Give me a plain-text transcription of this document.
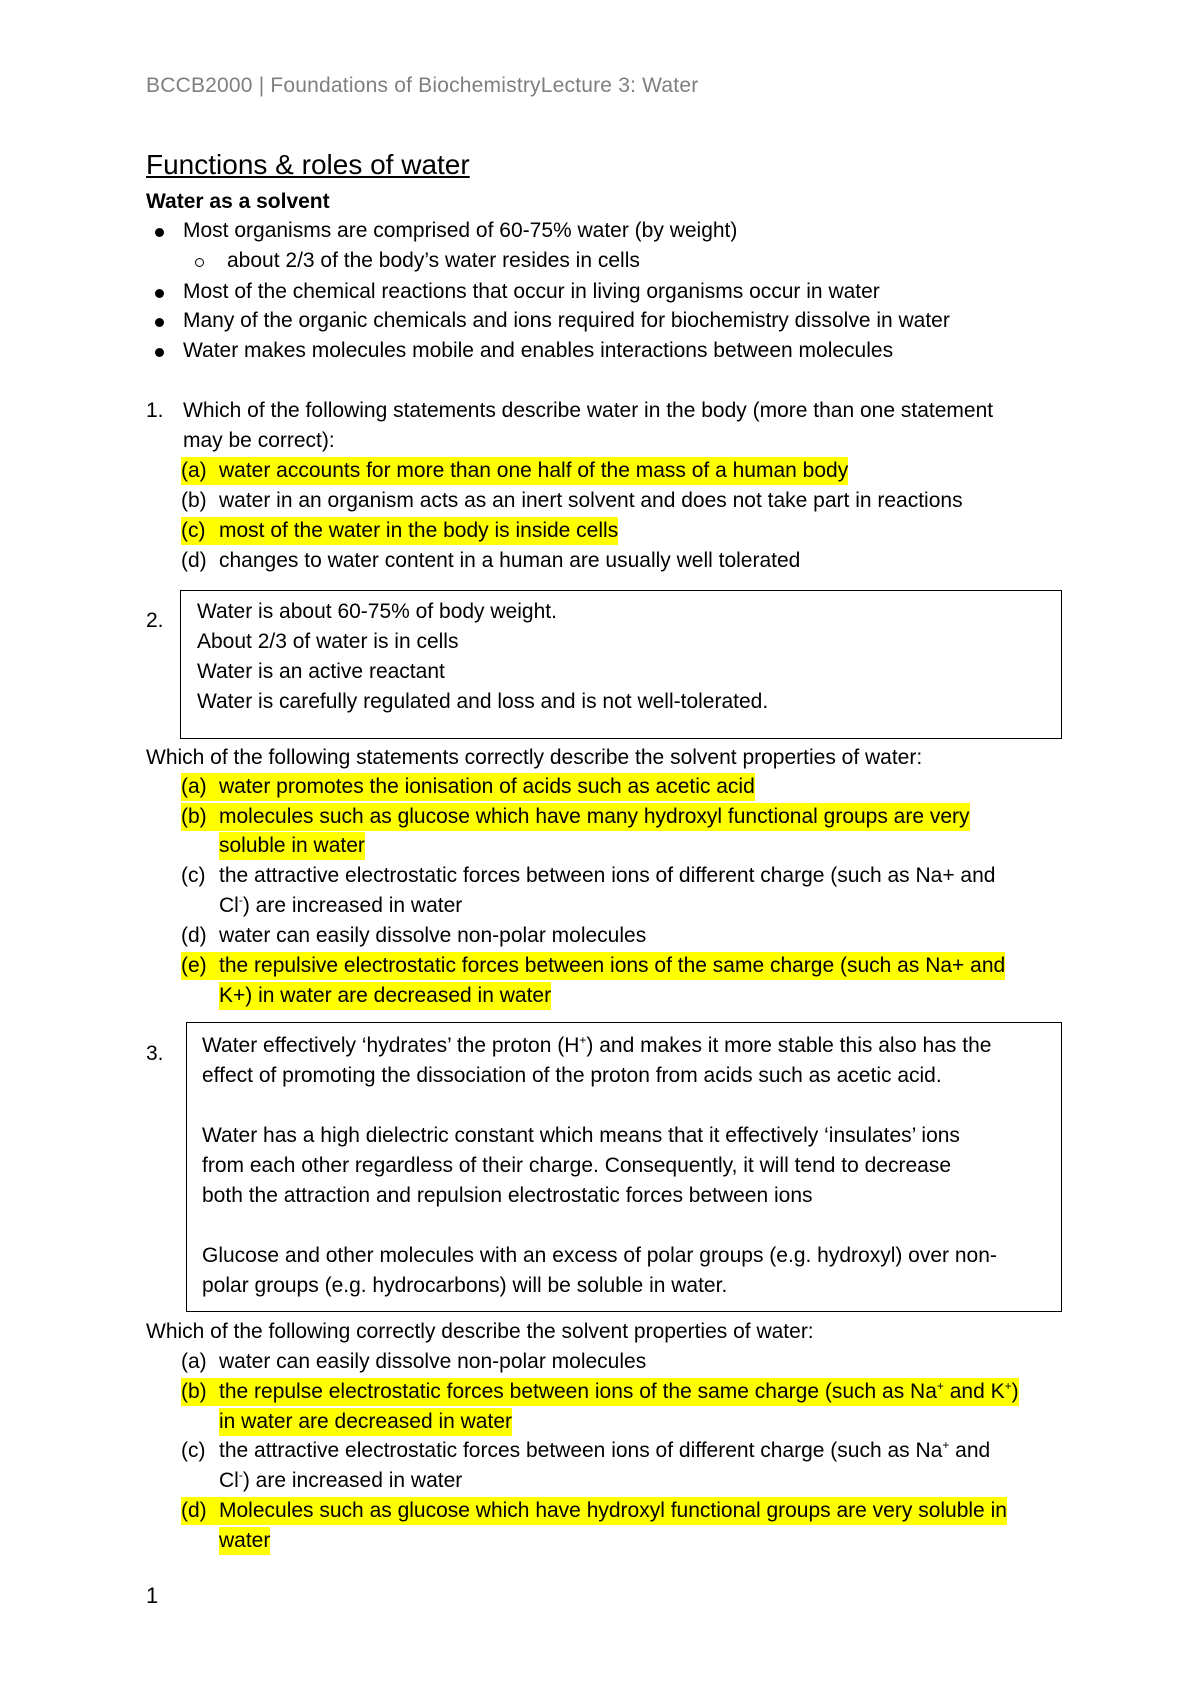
BCCB2000 | Foundations of BiochemistryLecture 3: Water
Functions & roles of water
Water as a solvent
Most organisms are comprised of 60-75% water (by weight)
about 2/3 of the body’s water resides in cells
Most of the chemical reactions that occur in living organisms occur in water
Many of the organic chemicals and ions required for biochemistry dissolve in water
Water makes molecules mobile and enables interactions between molecules
1. Which of the following statements describe water in the body (more than one statement
may be correct):
(a) water accounts for more than one half of the mass of a human body
(b) water in an organism acts as an inert solvent and does not take part in reactions
(c) most of the water in the body is inside cells
(d) changes to water content in a human are usually well tolerated
2. Water is about 60-75% of body weight.
About 2/3 of water is in cells
Water is an active reactant
Water is carefully regulated and loss and is not well-tolerated.
Which of the following statements correctly describe the solvent properties of water:
(a) water promotes the ionisation of acids such as acetic acid
(b) molecules such as glucose which have many hydroxyl functional groups are very
soluble in water
(c) the attractive electrostatic forces between ions of different charge (such as Na+ and
Cl-) are increased in water
(d) water can easily dissolve non-polar molecules
(e) the repulsive electrostatic forces between ions of the same charge (such as Na+ and
K+) in water are decreased in water
3. Water effectively ‘hydrates’ the proton (H+) and makes it more stable this also has the
effect of promoting the dissociation of the proton from acids such as acetic acid.
Water has a high dielectric constant which means that it effectively ‘insulates’ ions
from each other regardless of their charge. Consequently, it will tend to decrease
both the attraction and repulsion electrostatic forces between ions
Glucose and other molecules with an excess of polar groups (e.g. hydroxyl) over non-
polar groups (e.g. hydrocarbons) will be soluble in water.
Which of the following correctly describe the solvent properties of water:
(a) water can easily dissolve non-polar molecules
(b) the repulse electrostatic forces between ions of the same charge (such as Na+ and K+)
in water are decreased in water
(c) the attractive electrostatic forces between ions of different charge (such as Na+ and
Cl-) are increased in water
(d) Molecules such as glucose which have hydroxyl functional groups are very soluble in
water
1
